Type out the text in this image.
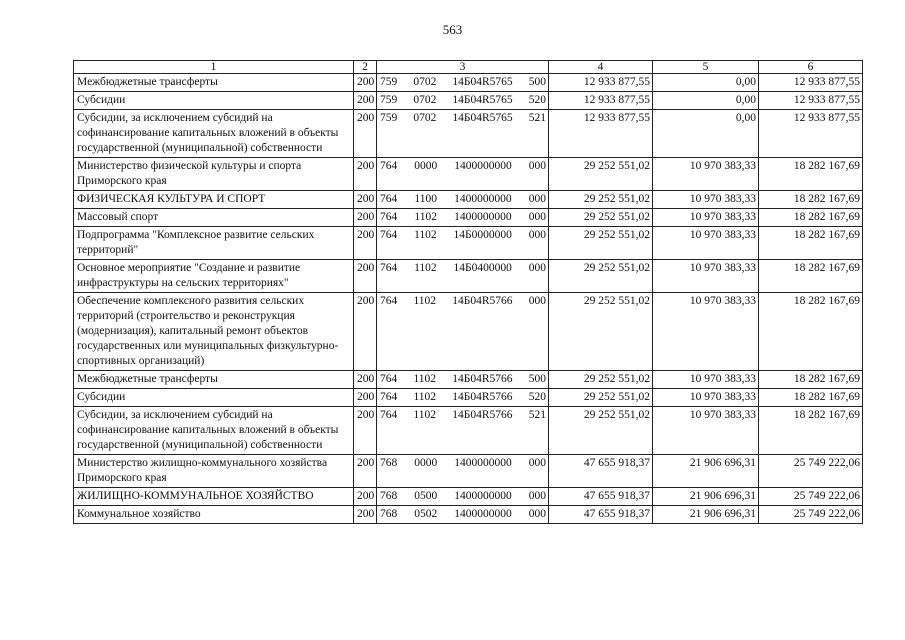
563
1	2	3	4	5	6
Межбюджетные трансферты	200	759 0702 14Б04R5765 500	12 933 877,55	0,00	12 933 877,55
Субсидии	200	759 0702 14Б04R5765 520	12 933 877,55	0,00	12 933 877,55
Субсидии, за исключением субсидий на софинансирование капитальных вложений в объекты государственной (муниципальной) собственности	200	759 0702 14Б04R5765 521	12 933 877,55	0,00	12 933 877,55
Министерство физической культуры и спорта Приморского края	200	764 0000 1400000000 000	29 252 551,02	10 970 383,33	18 282 167,69
ФИЗИЧЕСКАЯ КУЛЬТУРА И СПОРТ	200	764 1100 1400000000 000	29 252 551,02	10 970 383,33	18 282 167,69
Массовый спорт	200	764 1102 1400000000 000	29 252 551,02	10 970 383,33	18 282 167,69
Подпрограмма "Комплексное развитие сельских территорий"	200	764 1102 14Б0000000 000	29 252 551,02	10 970 383,33	18 282 167,69
Основное мероприятие "Создание и развитие инфраструктуры на сельских территориях"	200	764 1102 14Б0400000 000	29 252 551,02	10 970 383,33	18 282 167,69
Обеспечение комплексного развития сельских территорий (строительство и реконструкция (модернизация), капитальный ремонт объектов государственных или муниципальных физкультурно-спортивных организаций)	200	764 1102 14Б04R5766 000	29 252 551,02	10 970 383,33	18 282 167,69
Межбюджетные трансферты	200	764 1102 14Б04R5766 500	29 252 551,02	10 970 383,33	18 282 167,69
Субсидии	200	764 1102 14Б04R5766 520	29 252 551,02	10 970 383,33	18 282 167,69
Субсидии, за исключением субсидий на софинансирование капитальных вложений в объекты государственной (муниципальной) собственности	200	764 1102 14Б04R5766 521	29 252 551,02	10 970 383,33	18 282 167,69
Министерство жилищно-коммунального хозяйства Приморского края	200	768 0000 1400000000 000	47 655 918,37	21 906 696,31	25 749 222,06
ЖИЛИЩНО-КОММУНАЛЬНОЕ ХОЗЯЙСТВО	200	768 0500 1400000000 000	47 655 918,37	21 906 696,31	25 749 222,06
Коммунальное хозяйство	200	768 0502 1400000000 000	47 655 918,37	21 906 696,31	25 749 222,06
